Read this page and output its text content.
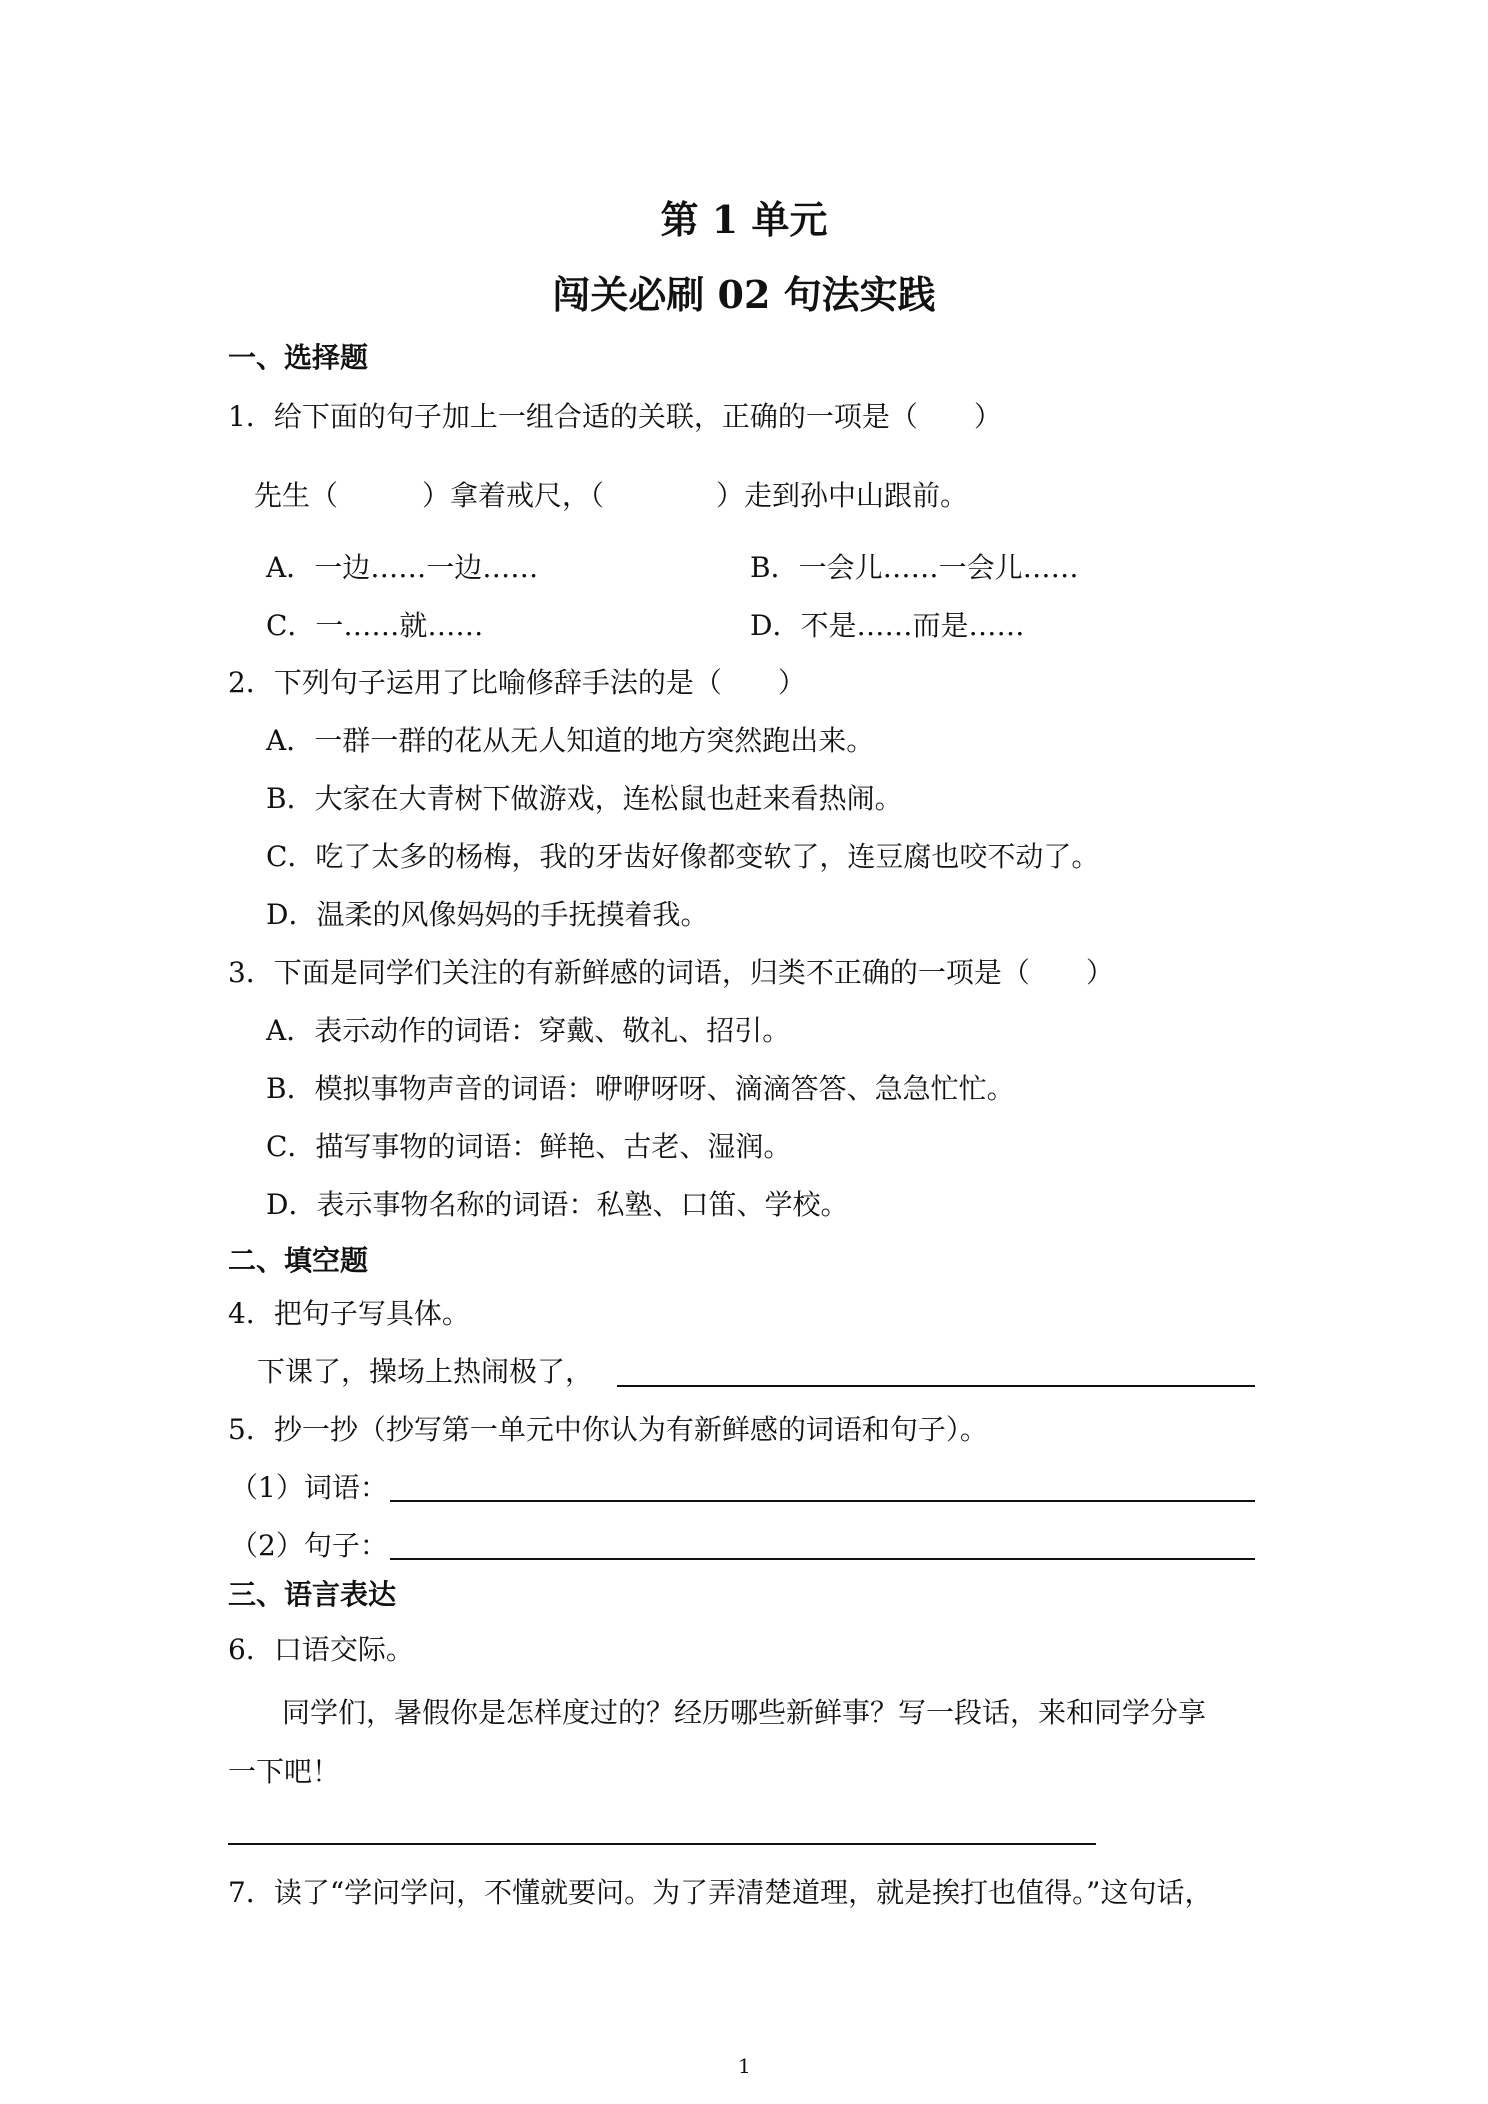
第 1 单元
闯关必刷 02 句法实践
一、选择题
1．给下面的句子加上一组合适的关联，正确的一项是（　　）
先生（　　　）拿着戒尺，（　　　　）走到孙中山跟前。
A．一边……一边……	B．一会儿……一会儿……
C．一……就……	D．不是……而是……
2．下列句子运用了比喻修辞手法的是（　　）
A．一群一群的花从无人知道的地方突然跑出来。
B．大家在大青树下做游戏，连松鼠也赶来看热闹。
C．吃了太多的杨梅，我的牙齿好像都变软了，连豆腐也咬不动了。
D．温柔的风像妈妈的手抚摸着我。
3．下面是同学们关注的有新鲜感的词语，归类不正确的一项是（　　）
A．表示动作的词语：穿戴、敬礼、招引。
B．模拟事物声音的词语：咿咿呀呀、滴滴答答、急急忙忙。
C．描写事物的词语：鲜艳、古老、湿润。
D．表示事物名称的词语：私塾、口笛、学校。
二、填空题
4．把句子写具体。
下课了，操场上热闹极了，
5．抄一抄（抄写第一单元中你认为有新鲜感的词语和句子）。
（1）词语：
（2）句子：
三、语言表达
6．口语交际。
同学们，暑假你是怎样度过的？经历哪些新鲜事？写一段话，来和同学分享
一下吧！
7．读了“学问学问，不懂就要问。为了弄清楚道理，就是挨打也值得。”这句话，
1
